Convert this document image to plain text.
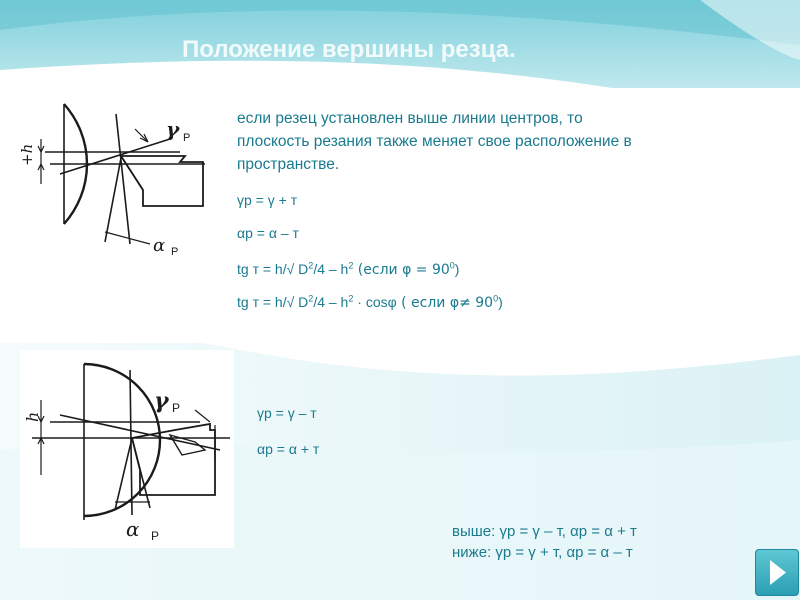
Положение вершины резца.
+h
γ P
α P
если резец установлен выше линии центров, то плоскость резания также меняет свое расположение в пространстве.
γр = γ + т
αр = α – т
tg т = h/√ $D^2/4 - h^2$ (если $\varphi = 90^0$)
tg т = h/√ $D^2/4 - h^2 \cdot \cos\varphi$ ( если $\varphi\ne 90^0$)
h
γ P
α P
γр = γ – т
αр = α + т
выше: γр = γ – т, αр = α + т
ниже: γр = γ + т, αр = α – т
